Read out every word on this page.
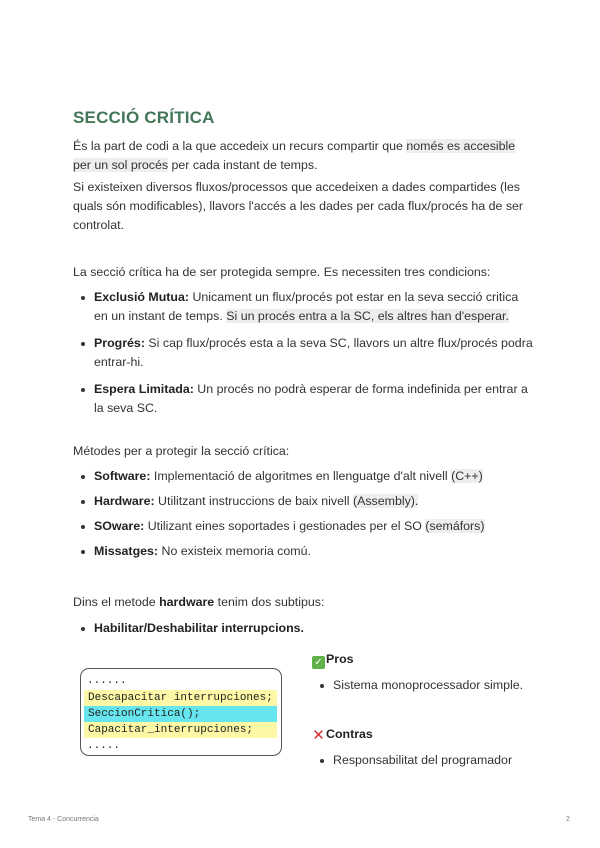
SECCIÓ CRÍTICA

És la part de codi a la que accedeix un recurs compartir que només es accesible per un sol procés per cada instant de temps.

Si existeixen diversos fluxos/processos que accedeixen a dades compartides (les quals són modificables), llavors l'accés a les dades per cada flux/procés ha de ser controlat.

La secció crítica ha de ser protegida sempre. Es necessiten tres condicions:

Exclusió Mutua: Unicament un flux/procés pot estar en la seva secció critica en un instant de temps. Si un procés entra a la SC, els altres han d'esperar.
Progrés: Si cap flux/procés esta a la seva SC, llavors un altre flux/procés podra entrar-hi.
Espera Limitada: Un procés no podrà esperar de forma indefinida per entrar a la seva SC.

Métodes per a protegir la secció crítica:

Software: Implementació de algoritmes en llenguatge d'alt nivell (C++)
Hardware: Utilitzant instruccions de baix nivell (Assembly).
SOware: Utilizant eines soportades i gestionades per el SO (semáfors)
Missatges: No existeix memoria comú.

Dins el metode hardware tenim dos subtipus:

Habilitar/Deshabilitar interrupcions.
......
Descapacitar interrupciones;
SeccionCritica();
Capacitar_interrupciones;
.....
✓ Pros
Sistema monoprocessador simple.
✕Contras
Responsabilitat del programador
Tema 4 - Concurrencia	2
